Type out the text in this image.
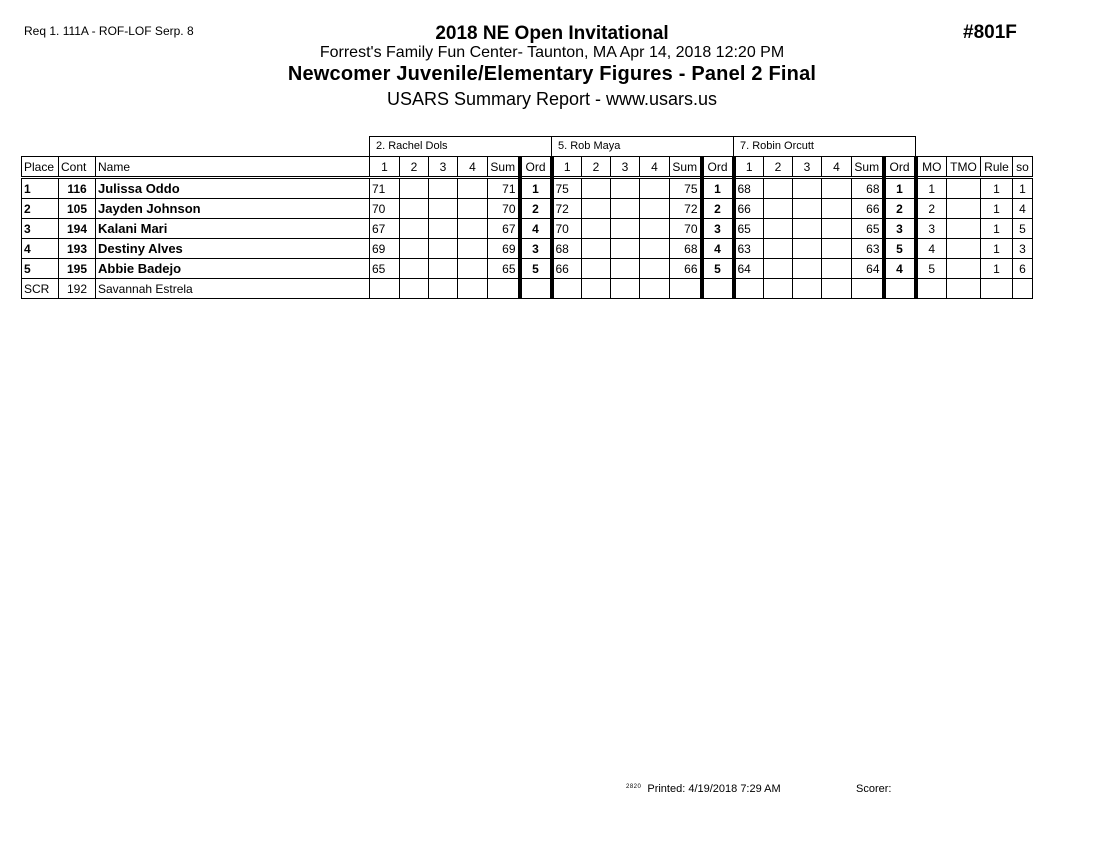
Req 1. 111A - ROF-LOF Serp. 8	#801F
2018 NE Open Invitational
Forrest's Family Fun Center- Taunton, MA Apr 14, 2018 12:20 PM
Newcomer Juvenile/Elementary Figures - Panel 2 Final
USARS Summary Report - www.usars.us
			2. Rachel Dols						5. Rob Maya						7. Robin Orcutt									
Place	Cont	Name	1	2	3	4	Sum	Ord	1	2	3	4	Sum	Ord	1	2	3	4	Sum	Ord	MO	TMO	Rule	so
1	116	Julissa Oddo	71				71	1	75				75	1	68				68	1	1		1	1
2	105	Jayden Johnson	70				70	2	72				72	2	66				66	2	2		1	4
3	194	Kalani Mari	67				67	4	70				70	3	65				65	3	3		1	5
4	193	Destiny Alves	69				69	3	68				68	4	63				63	5	4		1	3
5	195	Abbie Badejo	65				65	5	66				66	5	64				64	4	5		1	6
SCR	192	Savannah Estrela																						
$^{2820}$ Printed: 4/19/2018 7:29 AM	Scorer:
